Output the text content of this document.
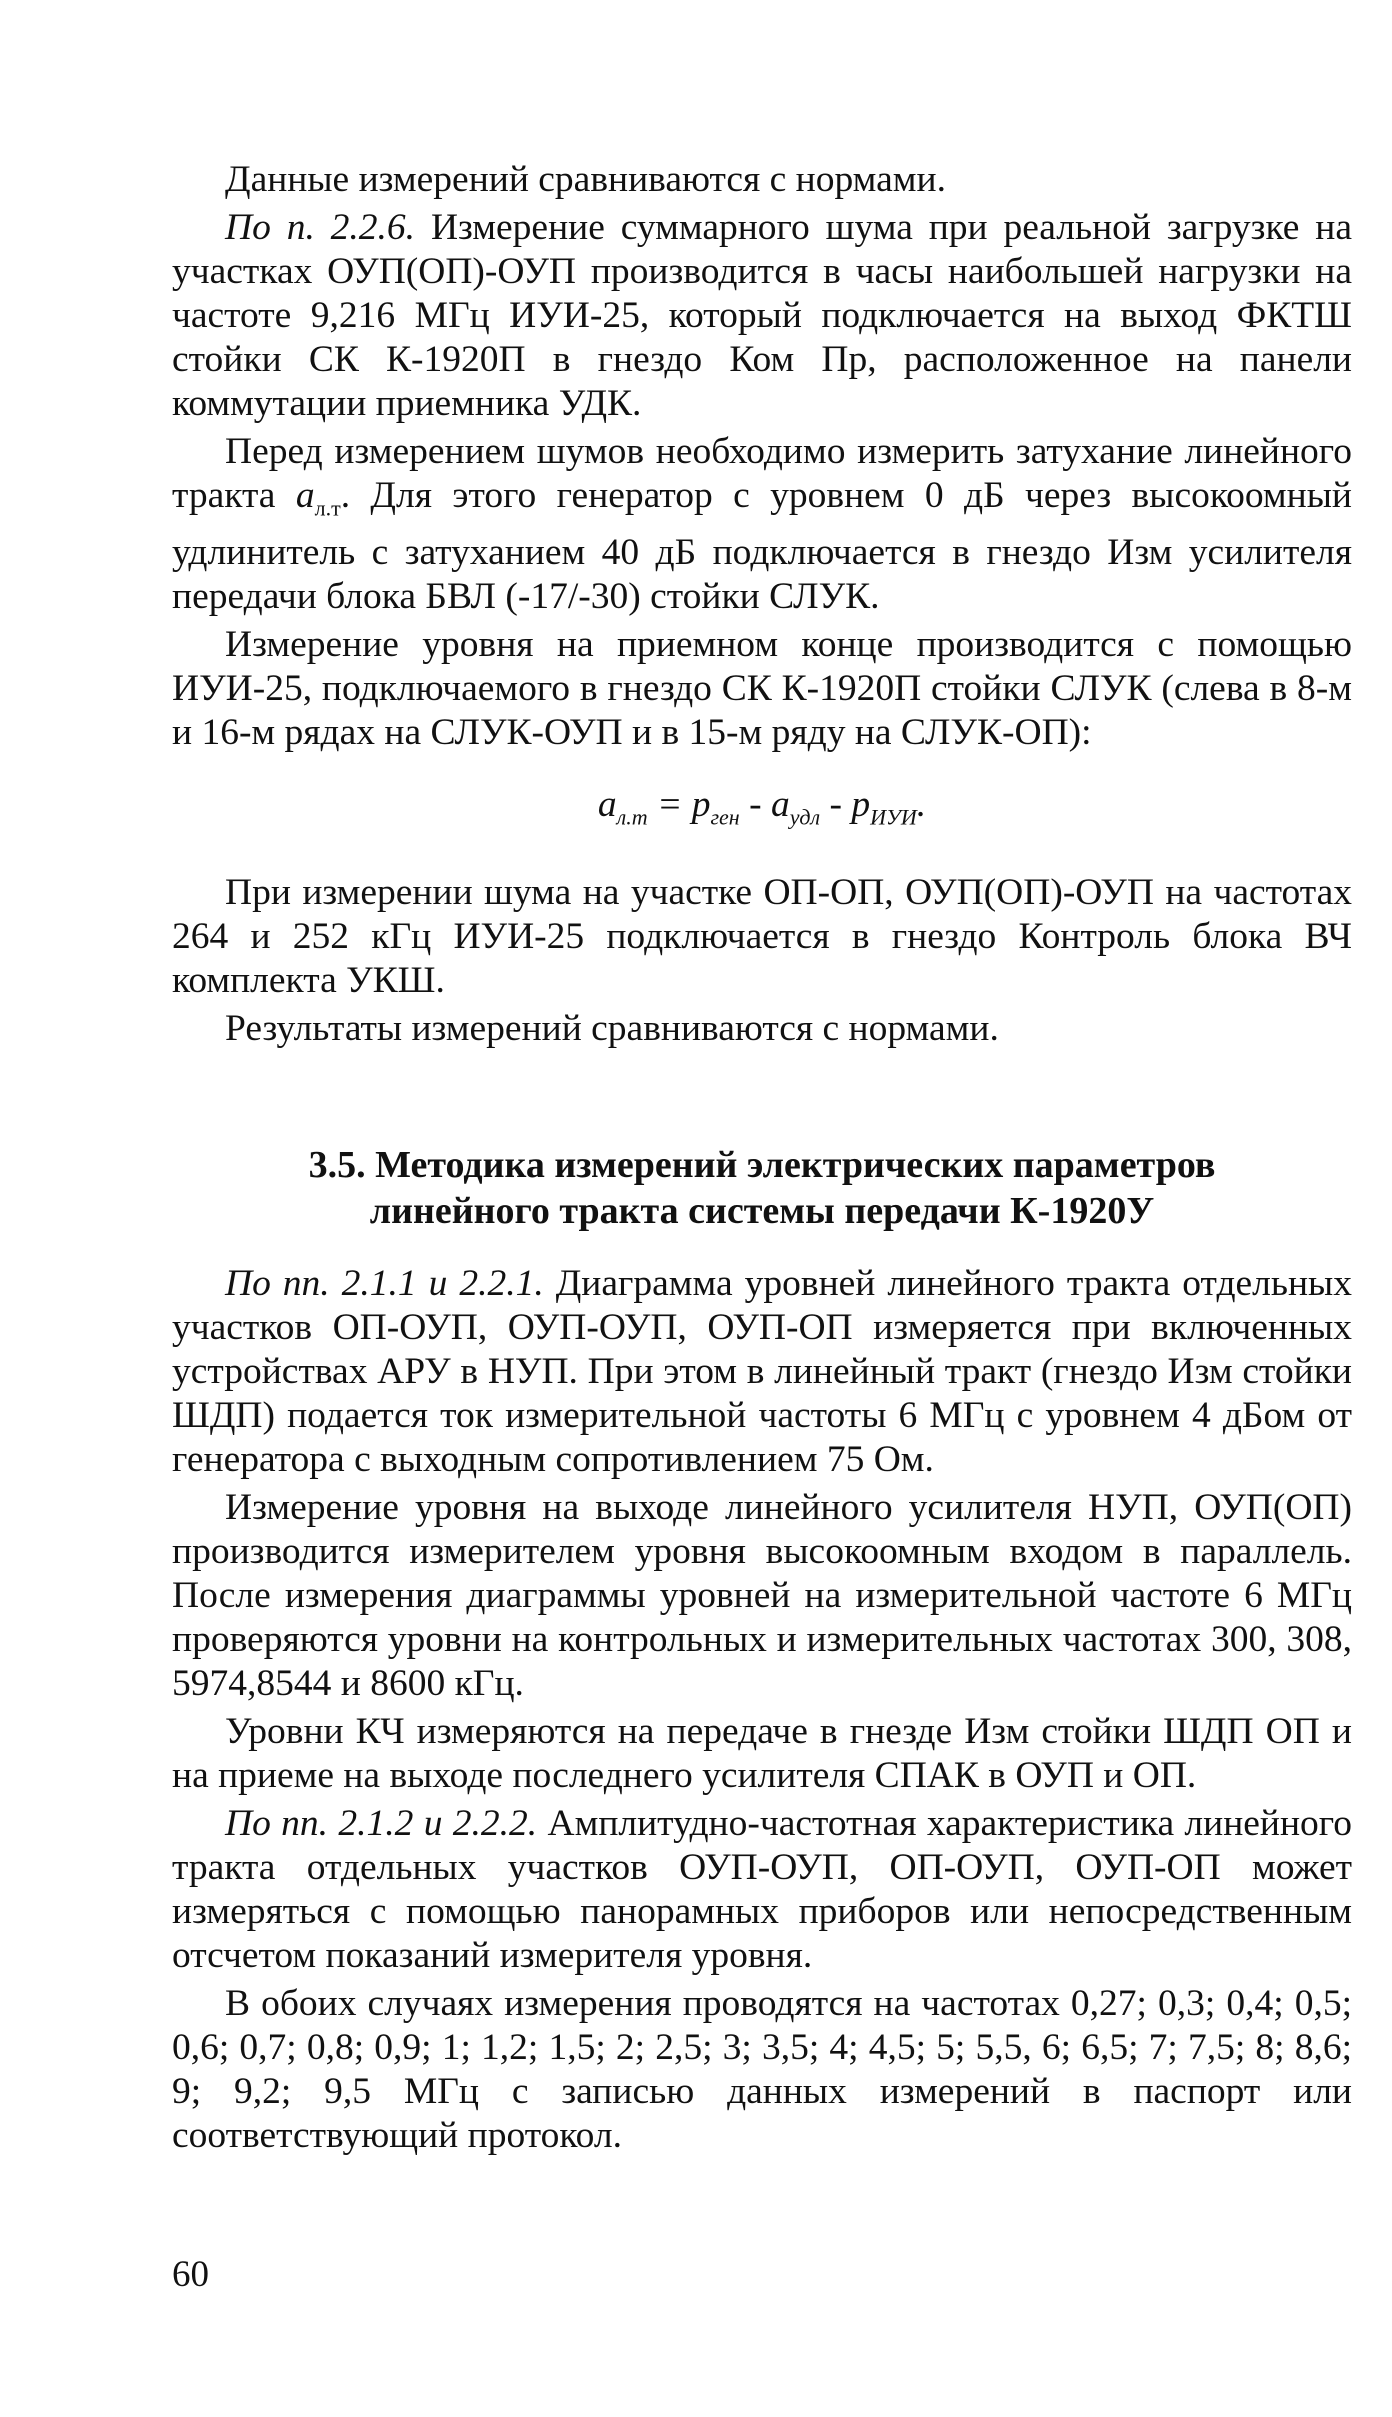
Данные измерений сравниваются с нормами.

По п. 2.2.6. Измерение суммарного шума при реальной загрузке на участках ОУП(ОП)-ОУП производится в часы наибольшей нагрузки на частоте 9,216 МГц ИУИ-25, который подключается на выход ФКТШ стойки СК К-1920П в гнездо Ком Пр, расположенное на панели коммутации приемника УДК.

Перед измерением шумов необходимо измерить затухание линейного тракта $a_{л.т}$. Для этого генератор с уровнем 0 дБ через высокоомный удлинитель с затуханием 40 дБ подключается в гнездо Изм усилителя передачи блока БВЛ (-17/-30) стойки СЛУК.

Измерение уровня на приемном конце производится с помощью ИУИ-25, подключаемого в гнездо СК К-1920П стойки СЛУК (слева в 8-м и 16-м рядах на СЛУК-ОУП и в 15-м ряду на СЛУК-ОП):

$a_{л.т} = p_{ген} - a_{удл} - p_{ИУИ}$.

При измерении шума на участке ОП-ОП, ОУП(ОП)-ОУП на частотах 264 и 252 кГц ИУИ-25 подключается в гнездо Контроль блока ВЧ комплекта УКШ.

Результаты измерений сравниваются с нормами.

3.5. Методика измерений электрических параметров
линейного тракта системы передачи К-1920У

По пп. 2.1.1 и 2.2.1. Диаграмма уровней линейного тракта отдельных участков ОП-ОУП, ОУП-ОУП, ОУП-ОП измеряется при включенных устройствах АРУ в НУП. При этом в линейный тракт (гнездо Изм стойки ШДП) подается ток измерительной частоты 6 МГц с уровнем 4 дБом от генератора с выходным сопротивлением 75 Ом.

Измерение уровня на выходе линейного усилителя НУП, ОУП(ОП) производится измерителем уровня высокоомным входом в параллель. После измерения диаграммы уровней на измерительной частоте 6 МГц проверяются уровни на контрольных и измерительных частотах 300, 308, 5974,8544 и 8600 кГц.

Уровни КЧ измеряются на передаче в гнезде Изм стойки ШДП ОП и на приеме на выходе последнего усилителя СПАК в ОУП и ОП.

По пп. 2.1.2 и 2.2.2. Амплитудно-частотная характеристика линейного тракта отдельных участков ОУП-ОУП, ОП-ОУП, ОУП-ОП может измеряться с помощью панорамных приборов или непосредственным отсчетом показаний измерителя уровня.

В обоих случаях измерения проводятся на частотах 0,27; 0,3; 0,4; 0,5; 0,6; 0,7; 0,8; 0,9; 1; 1,2; 1,5; 2; 2,5; 3; 3,5; 4; 4,5; 5; 5,5, 6; 6,5; 7; 7,5; 8; 8,6; 9; 9,2; 9,5 МГц с записью данных измерений в паспорт или соответствующий протокол.

60
